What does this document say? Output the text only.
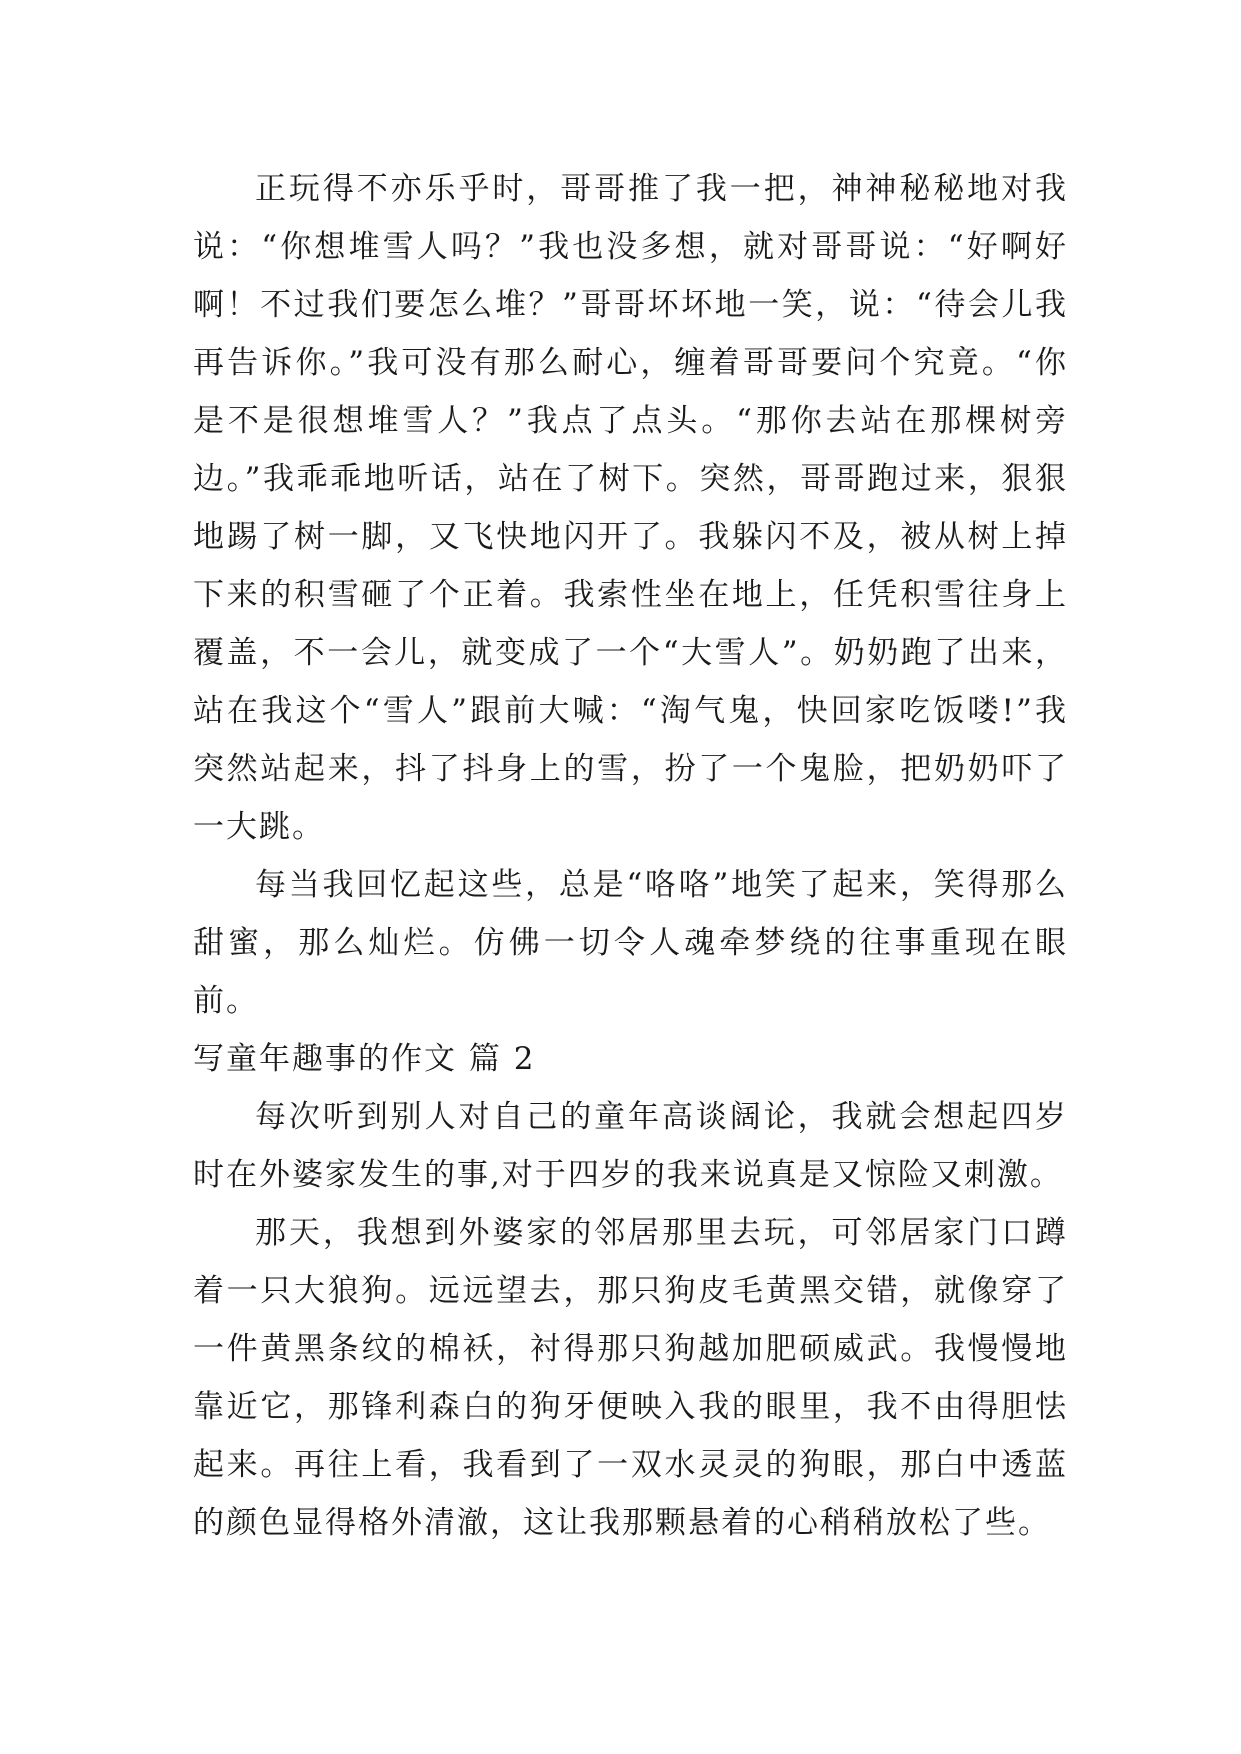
正玩得不亦乐乎时，哥哥推了我一把，神神秘秘地对我说：“你想堆雪人吗？”我也没多想，就对哥哥说：“好啊好啊！不过我们要怎么堆？”哥哥坏坏地一笑，说：“待会儿我再告诉你。”我可没有那么耐心，缠着哥哥要问个究竟。“你是不是很想堆雪人？”我点了点头。“那你去站在那棵树旁边。”我乖乖地听话，站在了树下。突然，哥哥跑过来，狠狠地踢了树一脚，又飞快地闪开了。我躲闪不及，被从树上掉下来的积雪砸了个正着。我索性坐在地上，任凭积雪往身上覆盖，不一会儿，就变成了一个“大雪人”。奶奶跑了出来，站在我这个“雪人”跟前大喊：“淘气鬼，快回家吃饭喽!”我突然站起来，抖了抖身上的雪，扮了一个鬼脸，把奶奶吓了一大跳。

每当我回忆起这些，总是“咯咯”地笑了起来，笑得那么甜蜜，那么灿烂。仿佛一切令人魂牵梦绕的往事重现在眼前。

写童年趣事的作文 篇 2

每次听到别人对自己的童年高谈阔论，我就会想起四岁时在外婆家发生的事,对于四岁的我来说真是又惊险又刺激。

那天，我想到外婆家的邻居那里去玩，可邻居家门口蹲着一只大狼狗。远远望去，那只狗皮毛黄黑交错，就像穿了一件黄黑条纹的棉袄，衬得那只狗越加肥硕威武。我慢慢地靠近它，那锋利森白的狗牙便映入我的眼里，我不由得胆怯起来。再往上看，我看到了一双水灵灵的狗眼，那白中透蓝的颜色显得格外清澈，这让我那颗悬着的心稍稍放松了些。
